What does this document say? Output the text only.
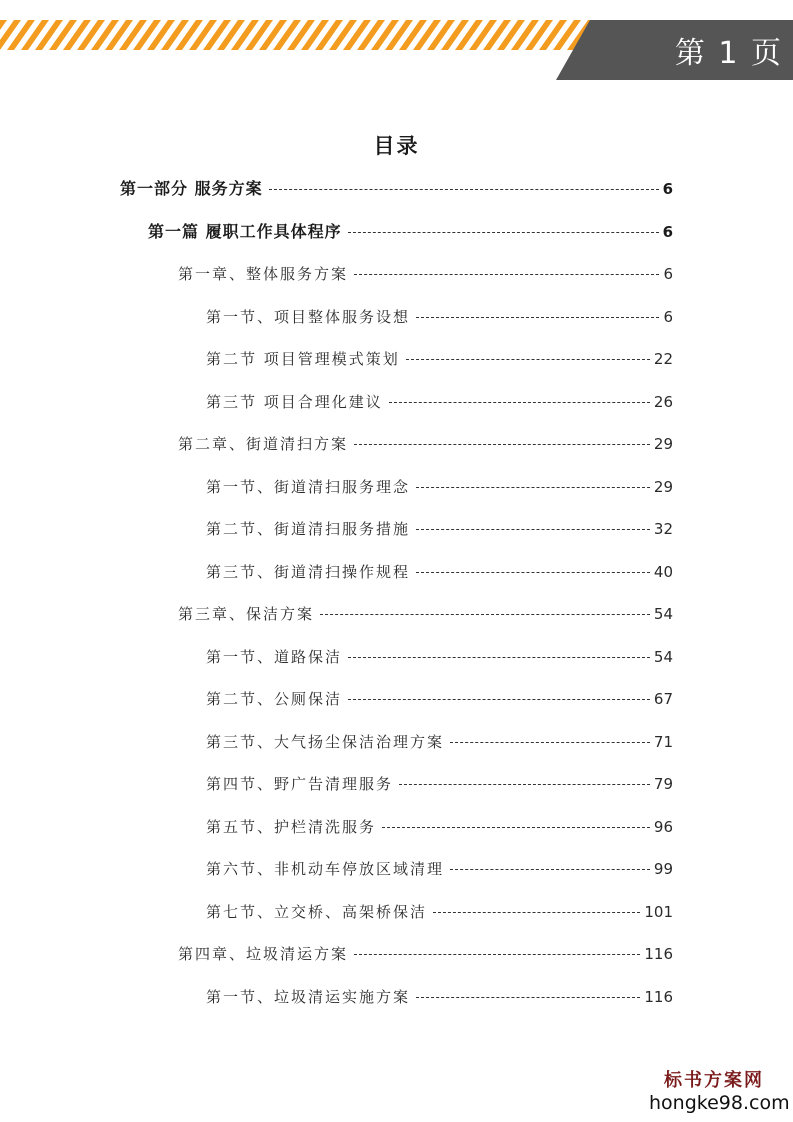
第 1 页
目录
第一部分 服务方案	6
第一篇 履职工作具体程序	6
第一章、整体服务方案	6
第一节、项目整体服务设想	6
第二节 项目管理模式策划	22
第三节 项目合理化建议	26
第二章、街道清扫方案	29
第一节、街道清扫服务理念	29
第二节、街道清扫服务措施	32
第三节、街道清扫操作规程	40
第三章、保洁方案	54
第一节、道路保洁	54
第二节、公厕保洁	67
第三节、大气扬尘保洁治理方案	71
第四节、野广告清理服务	79
第五节、护栏清洗服务	96
第六节、非机动车停放区域清理	99
第七节、立交桥、高架桥保洁	101
第四章、垃圾清运方案	116
第一节、垃圾清运实施方案	116
标书方案网
hongke98.com
